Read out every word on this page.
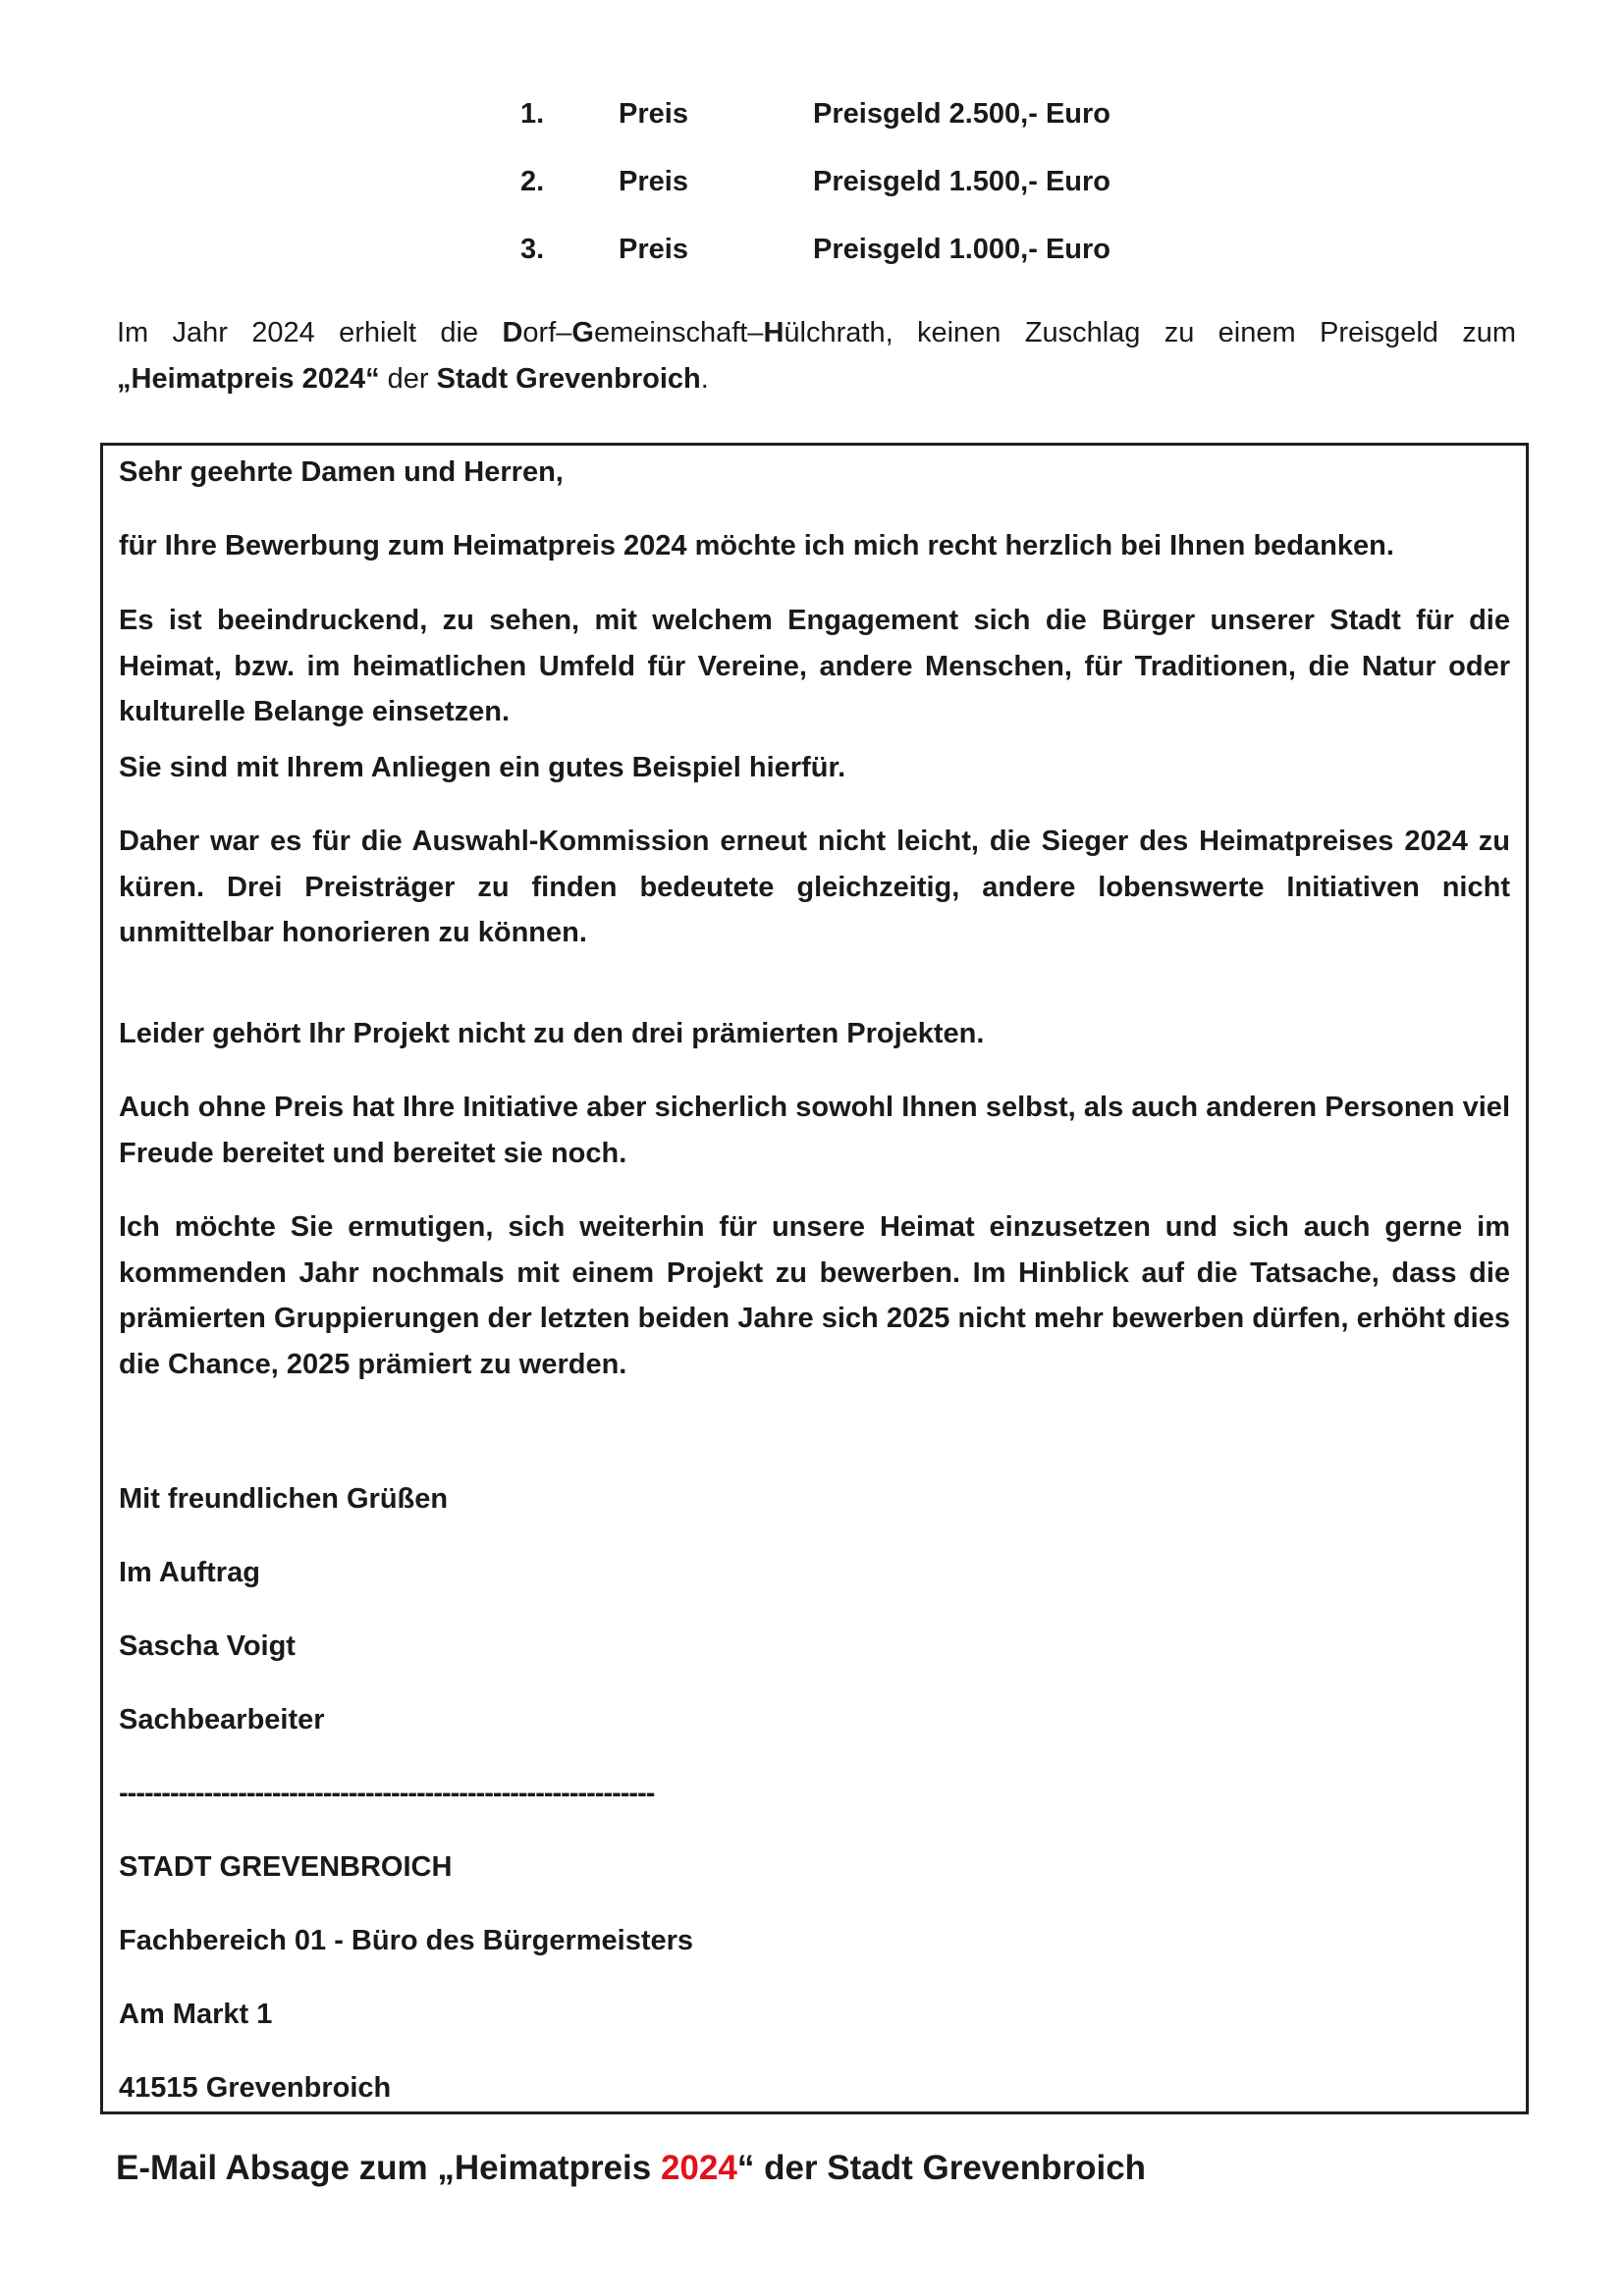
1.	Preis	Preisgeld 2.500,- Euro
2.	Preis	Preisgeld 1.500,- Euro
3.	Preis	Preisgeld 1.000,- Euro

Im Jahr 2024 erhielt die Dorf–Gemeinschaft–Hülchrath, keinen Zuschlag zu einem Preisgeld zum „Heimatpreis 2024“ der Stadt Grevenbroich.

Sehr geehrte Damen und Herren,

für Ihre Bewerbung zum Heimatpreis 2024 möchte ich mich recht herzlich bei Ihnen bedanken.

Es ist beeindruckend, zu sehen, mit welchem Engagement sich die Bürger unserer Stadt für die Heimat, bzw. im heimatlichen Umfeld für Vereine, andere Menschen, für Traditionen, die Natur oder kulturelle Belange einsetzen.

Sie sind mit Ihrem Anliegen ein gutes Beispiel hierfür.

Daher war es für die Auswahl-Kommission erneut nicht leicht, die Sieger des Heimatpreises 2024 zu küren. Drei Preisträger zu finden bedeutete gleichzeitig, andere lobenswerte Initiativen nicht unmittelbar honorieren zu können.

Leider gehört Ihr Projekt nicht zu den drei prämierten Projekten.

Auch ohne Preis hat Ihre Initiative aber sicherlich sowohl Ihnen selbst, als auch anderen Personen viel Freude bereitet und bereitet sie noch.

Ich möchte Sie ermutigen, sich weiterhin für unsere Heimat einzusetzen und sich auch gerne im kommenden Jahr nochmals mit einem Projekt zu bewerben. Im Hinblick auf die Tatsache, dass die prämierten Gruppierungen der letzten beiden Jahre sich 2025 nicht mehr bewerben dürfen, erhöht dies die Chance, 2025 prämiert zu werden.

Mit freundlichen Grüßen
Im Auftrag
Sascha Voigt
Sachbearbeiter
---------------------------------------------------------------
STADT GREVENBROICH
Fachbereich 01 - Büro des Bürgermeisters
Am Markt 1
41515 Grevenbroich
E-Mail Absage zum „Heimatpreis 2024“ der Stadt Grevenbroich
